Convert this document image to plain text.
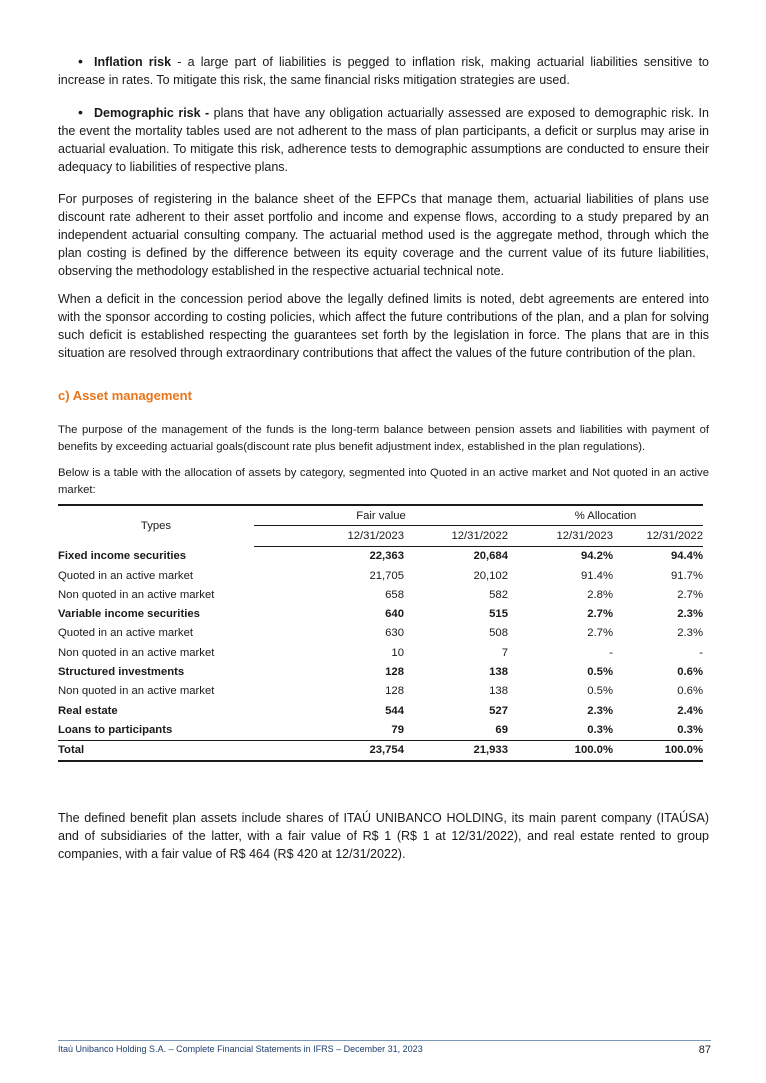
• Inflation risk - a large part of liabilities is pegged to inflation risk, making actuarial liabilities sensitive to increase in rates. To mitigate this risk, the same financial risks mitigation strategies are used.

• Demographic risk - plans that have any obligation actuarially assessed are exposed to demographic risk. In the event the mortality tables used are not adherent to the mass of plan participants, a deficit or surplus may arise in actuarial evaluation. To mitigate this risk, adherence tests to demographic assumptions are conducted to ensure their adequacy to liabilities of respective plans.

For purposes of registering in the balance sheet of the EFPCs that manage them, actuarial liabilities of plans use discount rate adherent to their asset portfolio and income and expense flows, according to a study prepared by an independent actuarial consulting company. The actuarial method used is the aggregate method, through which the plan costing is defined by the difference between its equity coverage and the current value of its future liabilities, observing the methodology established in the respective actuarial technical note.

When a deficit in the concession period above the legally defined limits is noted, debt agreements are entered into with the sponsor according to costing policies, which affect the future contributions of the plan, and a plan for solving such deficit is established respecting the guarantees set forth by the legislation in force. The plans that are in this situation are resolved through extraordinary contributions that affect the values of the future contribution of the plan.

c) Asset management

The purpose of the management of the funds is the long-term balance between pension assets and liabilities with payment of benefits by exceeding actuarial goals(discount rate plus benefit adjustment index, established in the plan regulations).

Below is a table with the allocation of assets by category, segmented into Quoted in an active market and Not quoted in an active market:

Types	Fair value		% Allocation	
	12/31/2023	12/31/2022	12/31/2023	12/31/2022
Fixed income securities	22,363	20,684	94.2%	94.4%
Quoted in an active market	21,705	20,102	91.4%	91.7%
Non quoted in an active market	658	582	2.8%	2.7%
Variable income securities	640	515	2.7%	2.3%
Quoted in an active market	630	508	2.7%	2.3%
Non quoted in an active market	10	7	-	-
Structured investments	128	138	0.5%	0.6%
Non quoted in an active market	128	138	0.5%	0.6%
Real estate	544	527	2.3%	2.4%
Loans to participants	79	69	0.3%	0.3%
Total	23,754	21,933	100.0%	100.0%

The defined benefit plan assets include shares of ITAÚ UNIBANCO HOLDING, its main parent company (ITAÚSA) and of subsidiaries of the latter, with a fair value of R$ 1 (R$ 1 at 12/31/2022), and real estate rented to group companies, with a fair value of R$ 464 (R$ 420 at 12/31/2022).

Itaú Unibanco Holding S.A. – Complete Financial Statements in IFRS – December 31, 2023	87
